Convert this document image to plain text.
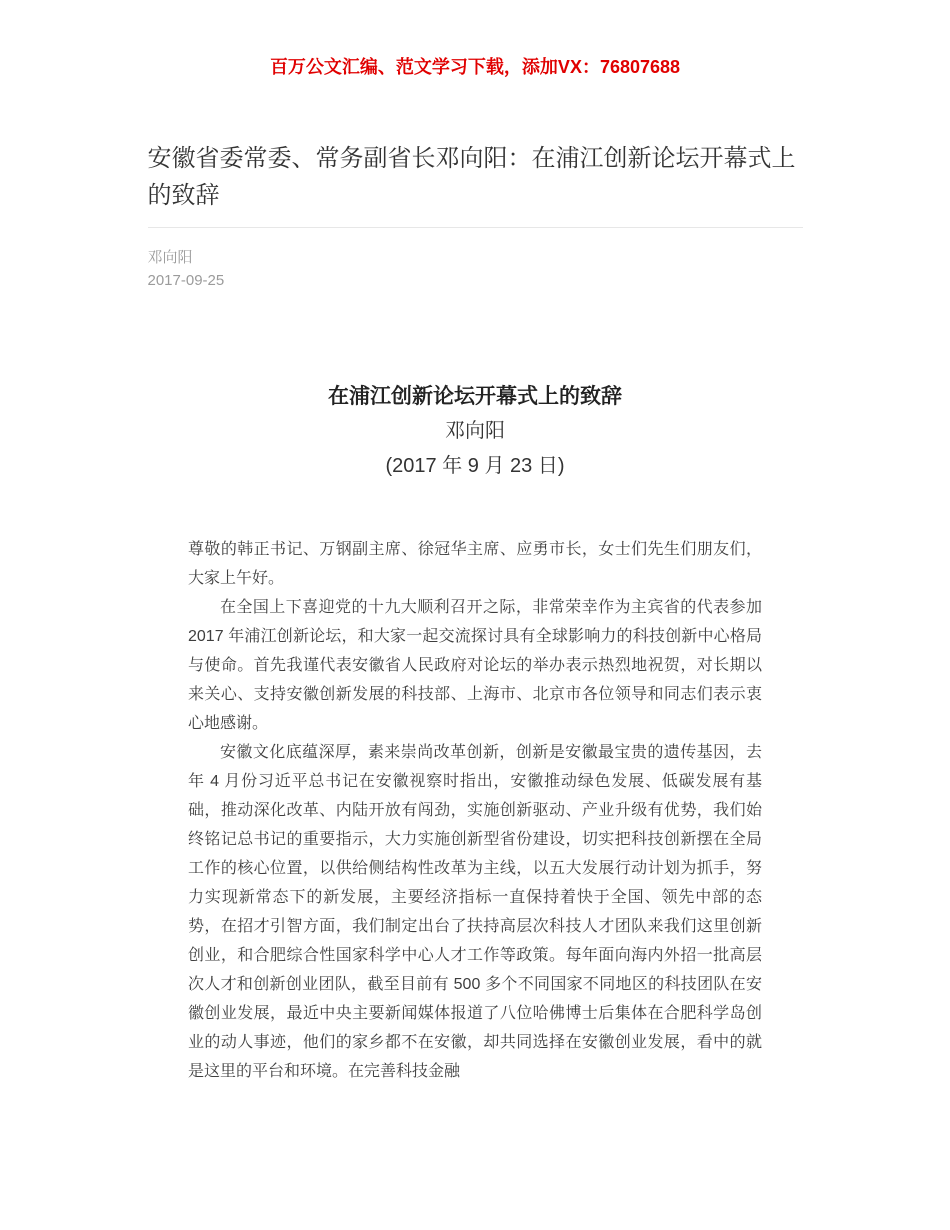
百万公文汇编、范文学习下载，添加VX：76807688
安徽省委常委、常务副省长邓向阳：在浦江创新论坛开幕式上的致辞
邓向阳
2017-09-25
在浦江创新论坛开幕式上的致辞
邓向阳
(2017 年 9 月 23 日)

尊敬的韩正书记、万钢副主席、徐冠华主席、应勇市长，女士们先生们朋友们，大家上午好。

在全国上下喜迎党的十九大顺利召开之际，非常荣幸作为主宾省的代表参加 2017 年浦江创新论坛，和大家一起交流探讨具有全球影响力的科技创新中心格局与使命。首先我谨代表安徽省人民政府对论坛的举办表示热烈地祝贺，对长期以来关心、支持安徽创新发展的科技部、上海市、北京市各位领导和同志们表示衷心地感谢。

安徽文化底蕴深厚，素来崇尚改革创新，创新是安徽最宝贵的遗传基因，去年 4 月份习近平总书记在安徽视察时指出，安徽推动绿色发展、低碳发展有基础，推动深化改革、内陆开放有闯劲，实施创新驱动、产业升级有优势，我们始终铭记总书记的重要指示，大力实施创新型省份建设，切实把科技创新摆在全局工作的核心位置，以供给侧结构性改革为主线，以五大发展行动计划为抓手，努力实现新常态下的新发展，主要经济指标一直保持着快于全国、领先中部的态势，在招才引智方面，我们制定出台了扶持高层次科技人才团队来我们这里创新创业，和合肥综合性国家科学中心人才工作等政策。每年面向海内外招一批高层次人才和创新创业团队，截至目前有 500 多个不同国家不同地区的科技团队在安徽创业发展，最近中央主要新闻媒体报道了八位哈佛博士后集体在合肥科学岛创业的动人事迹，他们的家乡都不在安徽，却共同选择在安徽创业发展，看中的就是这里的平台和环境。在完善科技金融
